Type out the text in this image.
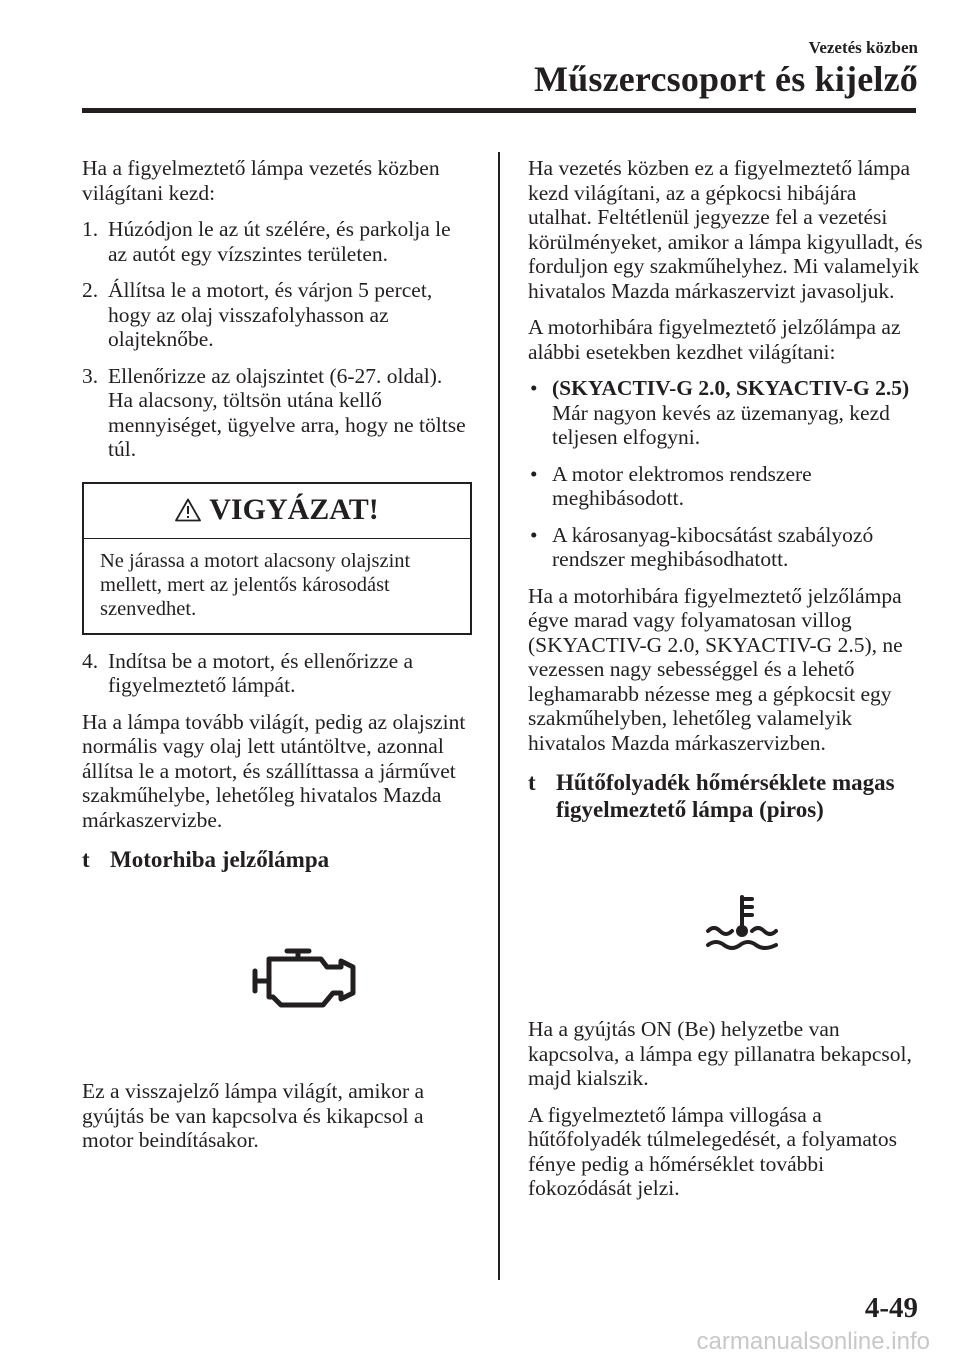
Vezetés közben
Műszercsoport és kijelző

Ha a figyelmeztető lámpa vezetés közben világítani kezd:

1. Húzódjon le az út szélére, és parkolja le az autót egy vízszintes területen.
2. Állítsa le a motort, és várjon 5 percet, hogy az olaj visszafolyhasson az olajteknőbe.
3. Ellenőrizze az olajszintet (6-27. oldal). Ha alacsony, töltsön utána kellő mennyiséget, ügyelve arra, hogy ne töltse túl.
VIGYÁZAT!
Ne járassa a motort alacsony olajszint mellett, mert az jelentős károsodást szenvedhet.
4. Indítsa be a motort, és ellenőrizze a figyelmeztető lámpát.

Ha a lámpa tovább világít, pedig az olajszint normális vagy olaj lett utántöltve, azonnal állítsa le a motort, és szállíttassa a járművet szakműhelybe, lehetőleg hivatalos Mazda márkaszervizbe.

t Motorhiba jelzőlámpa

Ez a visszajelző lámpa világít, amikor a gyújtás be van kapcsolva és kikapcsol a motor beindításakor.

Ha vezetés közben ez a figyelmeztető lámpa kezd világítani, az a gépkocsi hibájára utalhat. Feltétlenül jegyezze fel a vezetési körülményeket, amikor a lámpa kigyulladt, és forduljon egy szakműhelyhez. Mi valamelyik hivatalos Mazda márkaszervizt javasoljuk.

A motorhibára figyelmeztető jelzőlámpa az alábbi esetekben kezdhet világítani:

• (SKYACTIV-G 2.0, SKYACTIV-G 2.5)
Már nagyon kevés az üzemanyag, kezd teljesen elfogyni.
• A motor elektromos rendszere meghibásodott.
• A károsanyag-kibocsátást szabályozó rendszer meghibásodhatott.

Ha a motorhibára figyelmeztető jelzőlámpa égve marad vagy folyamatosan villog (SKYACTIV-G 2.0, SKYACTIV-G 2.5), ne vezessen nagy sebességgel és a lehető leghamarabb nézesse meg a gépkocsit egy szakműhelyben, lehetőleg valamelyik hivatalos Mazda márkaszervizben.

t Hűtőfolyadék hőmérséklete magas figyelmeztető lámpa (piros)

Ha a gyújtás ON (Be) helyzetbe van kapcsolva, a lámpa egy pillanatra bekapcsol, majd kialszik.

A figyelmeztető lámpa villogása a hűtőfolyadék túlmelegedését, a folyamatos fénye pedig a hőmérséklet további fokozódását jelzi.

4-49
carmanualsonline.info
